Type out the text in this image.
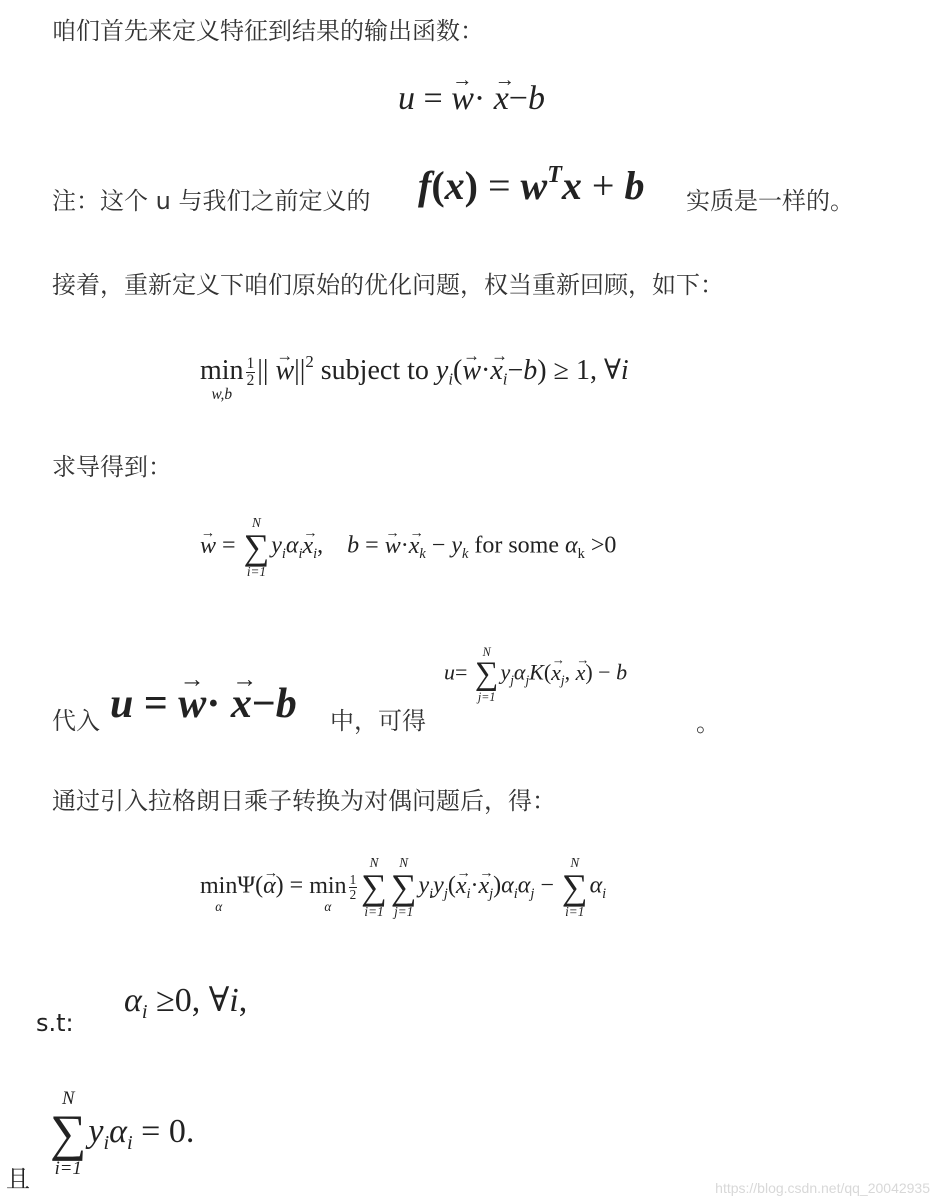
咱们首先来定义特征到结果的输出函数：
u = → w· → x−b
注：这个 u 与我们之前定义的 $f(x) = w^Tx + b$ 实质是一样的。
接着，重新定义下咱们原始的优化问题，权当重新回顾，如下：
min
w,b
$\frac{1}{2}$ || → $w||^2$ subject to $y_i(\to w\cdot\to x_i-b) \ge 1$, ∀i
求导得到：
→ w =
N
∑
i=1
$y_i\alpha_i\to x_i$,    b = → $w\cdot\to x_k - y_k$ for some $\alpha_k >0$
代入 u = → w· → x−b 中，可得
u=
N
∑
j=1
$y_j\alpha_jK(\to x_j$, → x) − b
。
通过引入拉格朗日乘子转换为对偶问题后，得：
min
α
Ψ(→ α) = min
α
$\frac{1}{2}$
N
∑
i=1
N
∑
j=1
$y_iy_j(\to x_i\cdot\to x_j)\alpha_i\alpha_j$ −
N
∑
i=1
$\alpha_i$
s.t:
$\alpha_i \ge 0$, ∀i,
且
N
∑
i=1
$y_i\alpha_i = 0$.
https://blog.csdn.net/qq_20042935
